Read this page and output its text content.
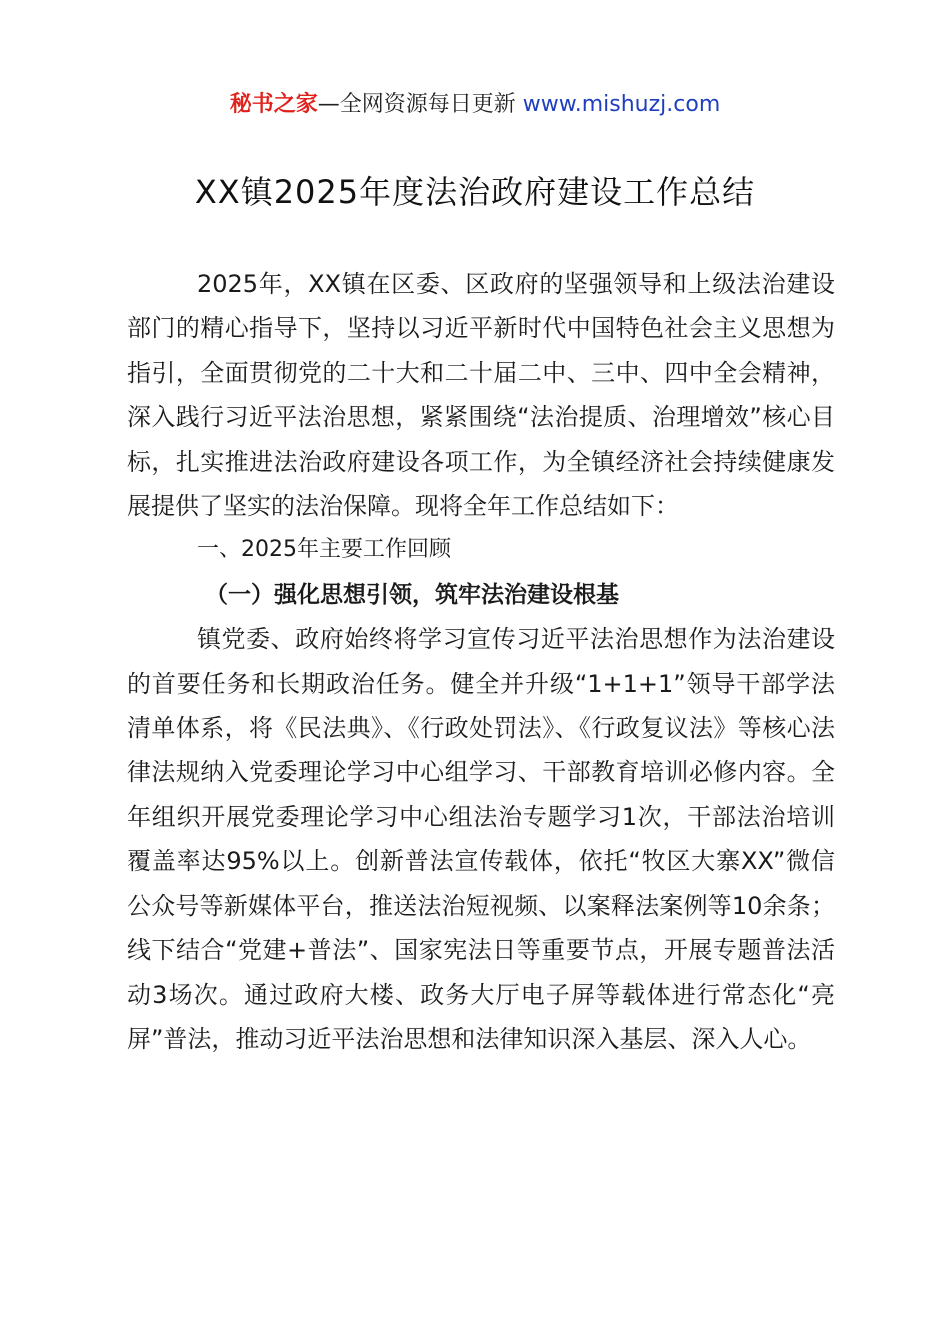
秘书之家—全网资源每日更新 www.mishuzj.com
XX镇2025年度法治政府建设工作总结

2025年，XX镇在区委、区政府的坚强领导和上级法治建设部门的精心指导下，坚持以习近平新时代中国特色社会主义思想为指引，全面贯彻党的二十大和二十届二中、三中、四中全会精神，深入践行习近平法治思想，紧紧围绕“法治提质、治理增效”核心目标，扎实推进法治政府建设各项工作，为全镇经济社会持续健康发展提供了坚实的法治保障。现将全年工作总结如下：

一、2025年主要工作回顾

（一）强化思想引领，筑牢法治建设根基

镇党委、政府始终将学习宣传习近平法治思想作为法治建设的首要任务和长期政治任务。健全并升级“1+1+1”领导干部学法清单体系，将《民法典》、《行政处罚法》、《行政复议法》等核心法律法规纳入党委理论学习中心组学习、干部教育培训必修内容。全年组织开展党委理论学习中心组法治专题学习1次，干部法治培训覆盖率达95%以上。创新普法宣传载体，依托“牧区大寨XX”微信公众号等新媒体平台，推送法治短视频、以案释法案例等10余条；线下结合“党建+普法”、国家宪法日等重要节点，开展专题普法活动3场次。通过政府大楼、政务大厅电子屏等载体进行常态化“亮屏”普法，推动习近平法治思想和法律知识深入基层、深入人心。
